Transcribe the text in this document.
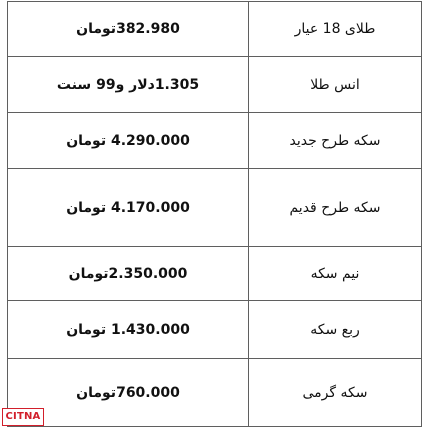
382.980تومان	طلای 18 عیار
1.305دلار و99 سنت	انس طلا
4.290.000 تومان	سکه طرح جدید
4.170.000 تومان	سکه طرح قدیم
2.350.000تومان	نیم سکه
1.430.000 تومان	ربع سکه
760.000تومان	سکه گرمی
CITNA
